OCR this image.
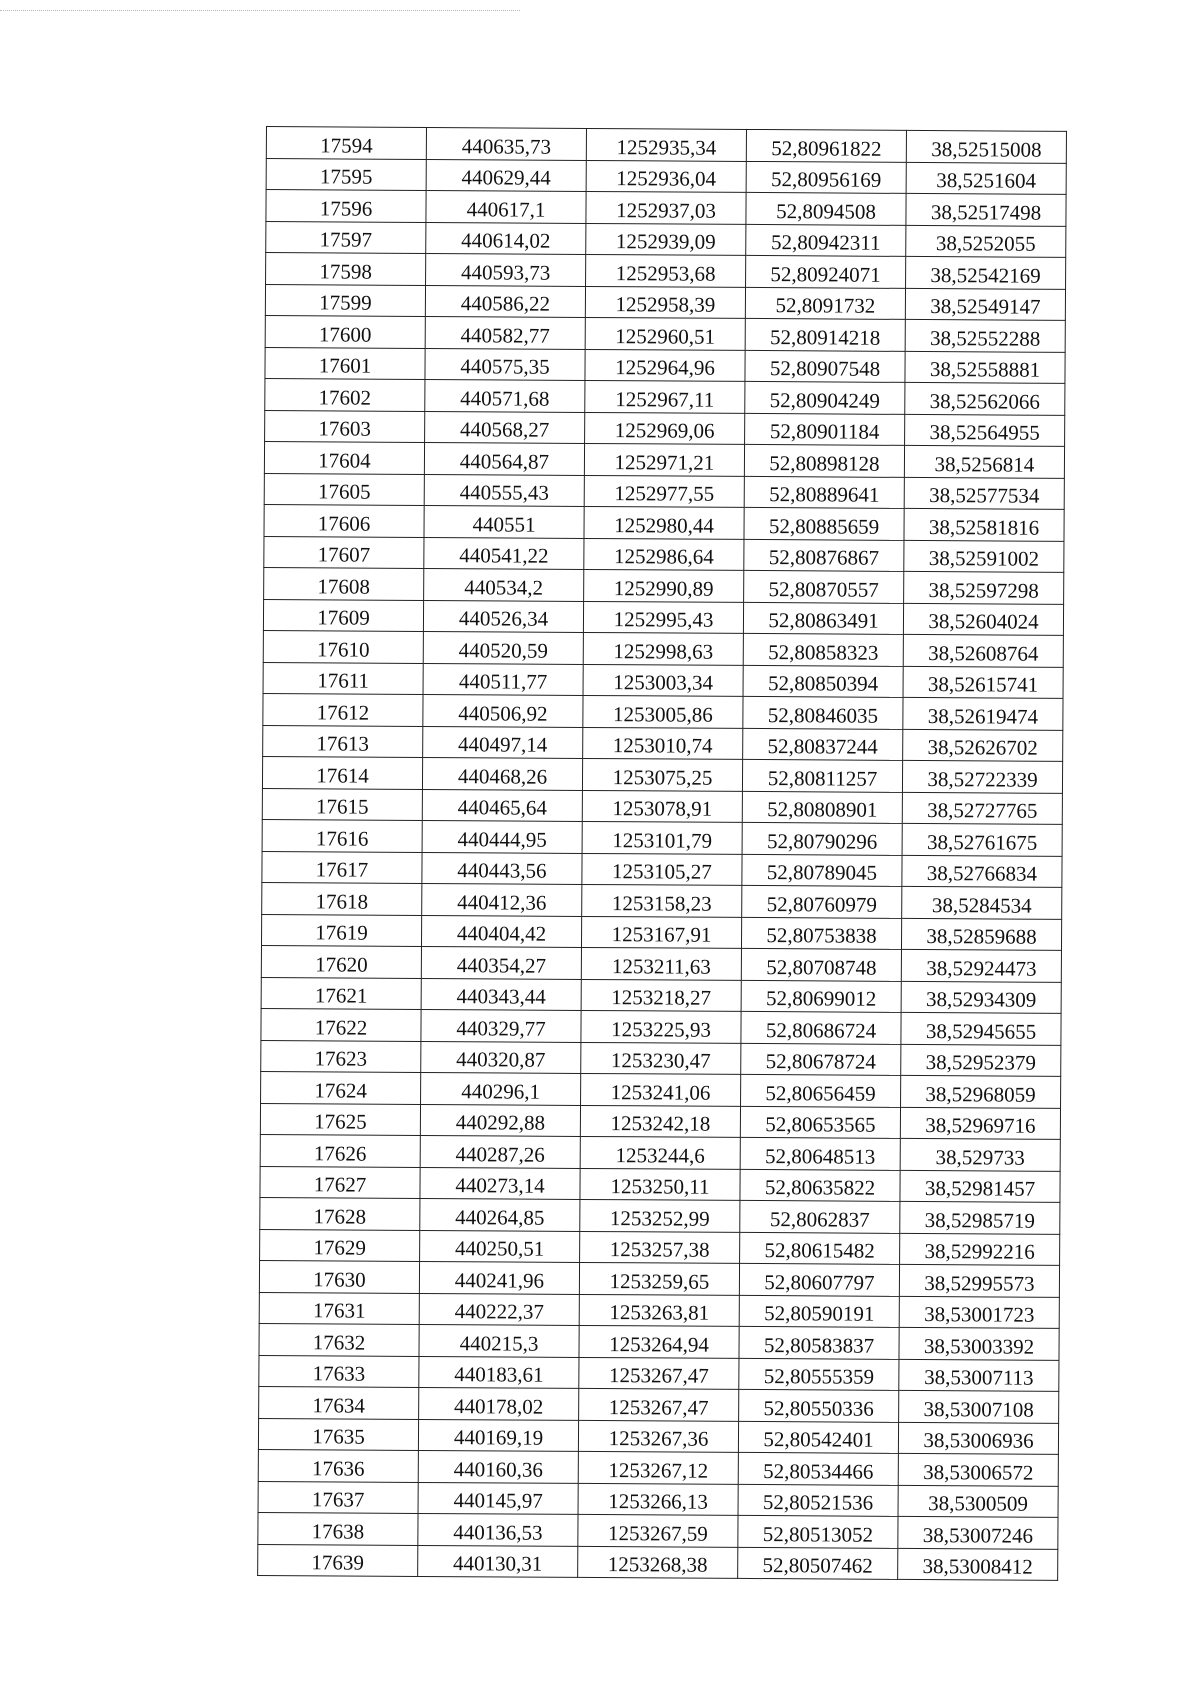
17594	440635,73	1252935,34	52,80961822	38,52515008
17595	440629,44	1252936,04	52,80956169	38,5251604
17596	440617,1	1252937,03	52,8094508	38,52517498
17597	440614,02	1252939,09	52,80942311	38,5252055
17598	440593,73	1252953,68	52,80924071	38,52542169
17599	440586,22	1252958,39	52,8091732	38,52549147
17600	440582,77	1252960,51	52,80914218	38,52552288
17601	440575,35	1252964,96	52,80907548	38,52558881
17602	440571,68	1252967,11	52,80904249	38,52562066
17603	440568,27	1252969,06	52,80901184	38,52564955
17604	440564,87	1252971,21	52,80898128	38,5256814
17605	440555,43	1252977,55	52,80889641	38,52577534
17606	440551	1252980,44	52,80885659	38,52581816
17607	440541,22	1252986,64	52,80876867	38,52591002
17608	440534,2	1252990,89	52,80870557	38,52597298
17609	440526,34	1252995,43	52,80863491	38,52604024
17610	440520,59	1252998,63	52,80858323	38,52608764
17611	440511,77	1253003,34	52,80850394	38,52615741
17612	440506,92	1253005,86	52,80846035	38,52619474
17613	440497,14	1253010,74	52,80837244	38,52626702
17614	440468,26	1253075,25	52,80811257	38,52722339
17615	440465,64	1253078,91	52,80808901	38,52727765
17616	440444,95	1253101,79	52,80790296	38,52761675
17617	440443,56	1253105,27	52,80789045	38,52766834
17618	440412,36	1253158,23	52,80760979	38,5284534
17619	440404,42	1253167,91	52,80753838	38,52859688
17620	440354,27	1253211,63	52,80708748	38,52924473
17621	440343,44	1253218,27	52,80699012	38,52934309
17622	440329,77	1253225,93	52,80686724	38,52945655
17623	440320,87	1253230,47	52,80678724	38,52952379
17624	440296,1	1253241,06	52,80656459	38,52968059
17625	440292,88	1253242,18	52,80653565	38,52969716
17626	440287,26	1253244,6	52,80648513	38,529733
17627	440273,14	1253250,11	52,80635822	38,52981457
17628	440264,85	1253252,99	52,8062837	38,52985719
17629	440250,51	1253257,38	52,80615482	38,52992216
17630	440241,96	1253259,65	52,80607797	38,52995573
17631	440222,37	1253263,81	52,80590191	38,53001723
17632	440215,3	1253264,94	52,80583837	38,53003392
17633	440183,61	1253267,47	52,80555359	38,53007113
17634	440178,02	1253267,47	52,80550336	38,53007108
17635	440169,19	1253267,36	52,80542401	38,53006936
17636	440160,36	1253267,12	52,80534466	38,53006572
17637	440145,97	1253266,13	52,80521536	38,5300509
17638	440136,53	1253267,59	52,80513052	38,53007246
17639	440130,31	1253268,38	52,80507462	38,53008412
